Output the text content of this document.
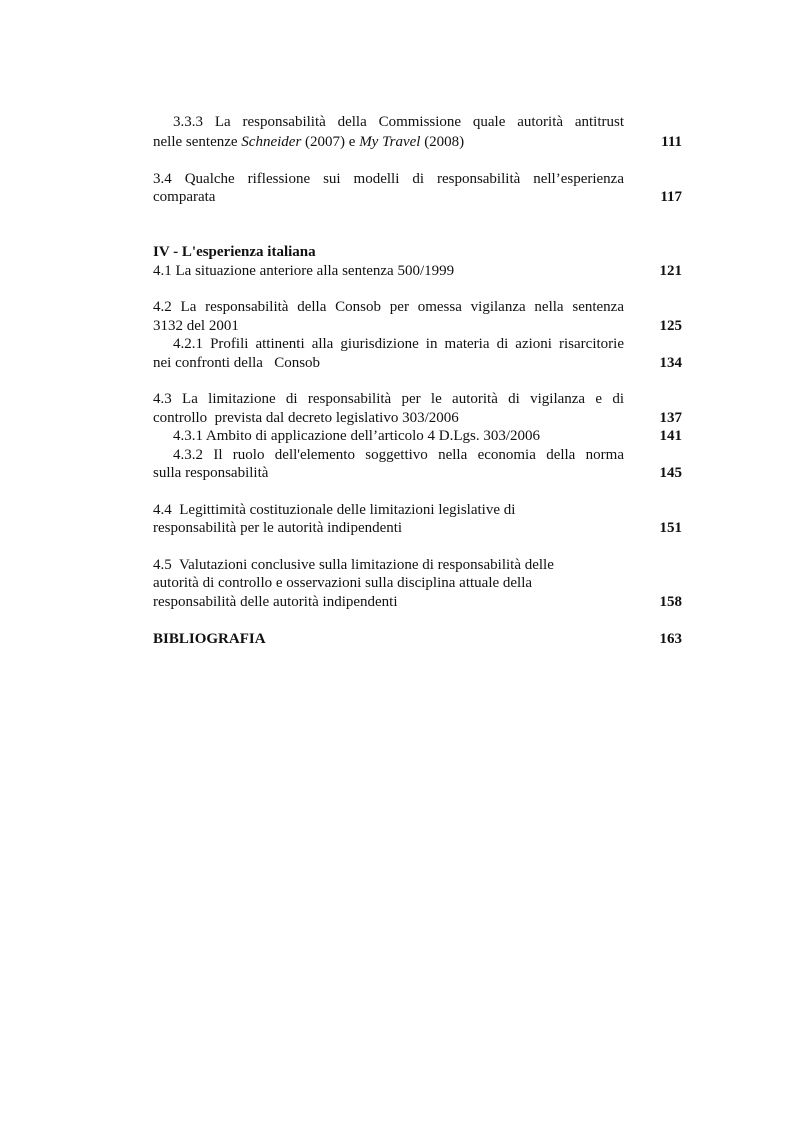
3.3.3 La responsabilità della Commissione quale autorità antitrust
nelle sentenze Schneider (2007) e My Travel (2008)	111
3.4 Qualche riflessione sui modelli di responsabilità nell’esperienza
comparata	117
IV - L'esperienza italiana
4.1 La situazione anteriore alla sentenza 500/1999	121
4.2 La responsabilità della Consob per omessa vigilanza nella sentenza
3132 del 2001	125
4.2.1 Profili attinenti alla giurisdizione in materia di azioni risarcitorie
nei confronti della   Consob	134
4.3 La limitazione di responsabilità per le autorità di vigilanza e di
controllo  prevista dal decreto legislativo 303/2006	137
4.3.1 Ambito di applicazione dell’articolo 4 D.Lgs. 303/2006	141
4.3.2 Il ruolo dell'elemento soggettivo nella economia della norma
sulla responsabilità	145
4.4  Legittimità costituzionale delle limitazioni legislative di
responsabilità per le autorità indipendenti	151
4.5  Valutazioni conclusive sulla limitazione di responsabilità delle
autorità di controllo e osservazioni sulla disciplina attuale della
responsabilità delle autorità indipendenti	158
BIBLIOGRAFIA	163
